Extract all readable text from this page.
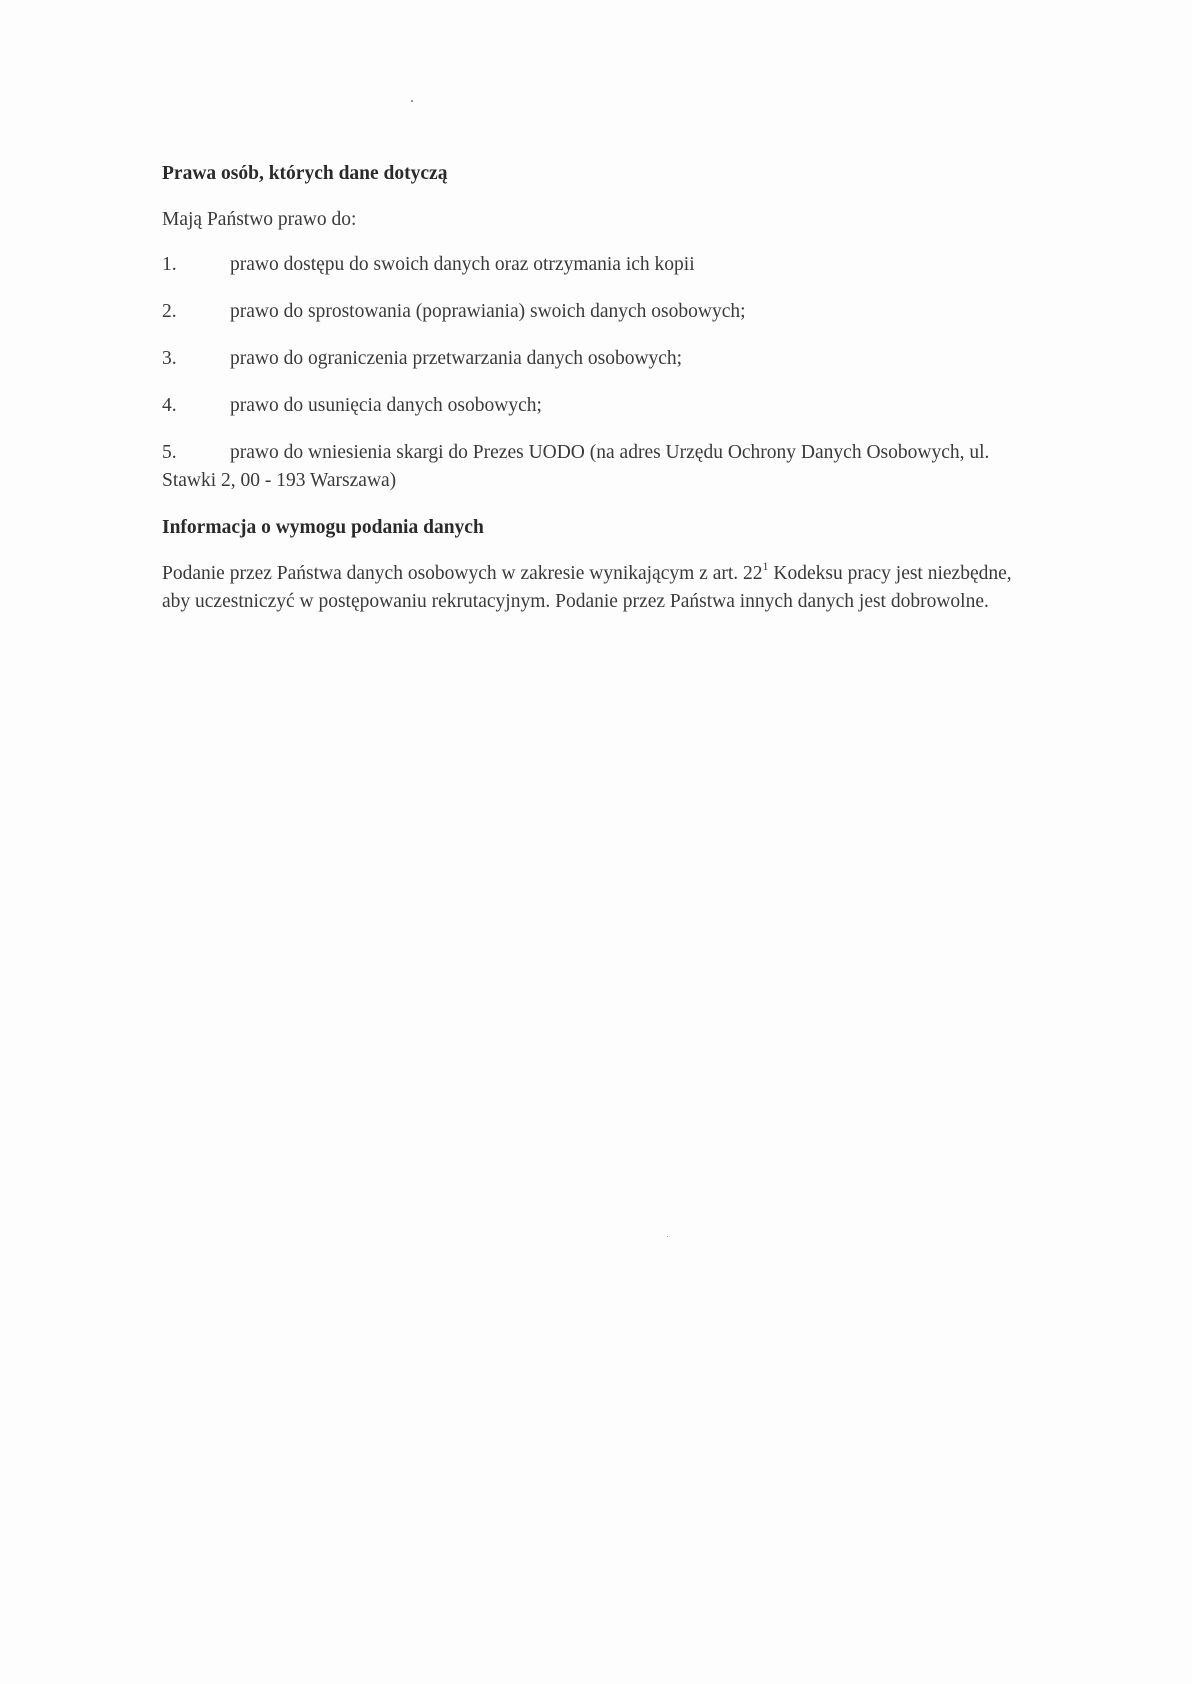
Prawa osób, których dane dotyczą

Mają Państwo prawo do:

1.	prawo dostępu do swoich danych oraz otrzymania ich kopii
2.	prawo do sprostowania (poprawiania) swoich danych osobowych;
3.	prawo do ograniczenia przetwarzania danych osobowych;
4.	prawo do usunięcia danych osobowych;
5.	prawo do wniesienia skargi do Prezes UODO (na adres Urzędu Ochrony Danych Osobowych, ul. Stawki 2, 00 - 193 Warszawa)
Informacja o wymogu podania danych

Podanie przez Państwa danych osobowych w zakresie wynikającym z art. $22^1$ Kodeksu pracy jest niezbędne, aby uczestniczyć w postępowaniu rekrutacyjnym. Podanie przez Państwa innych danych jest dobrowolne.
